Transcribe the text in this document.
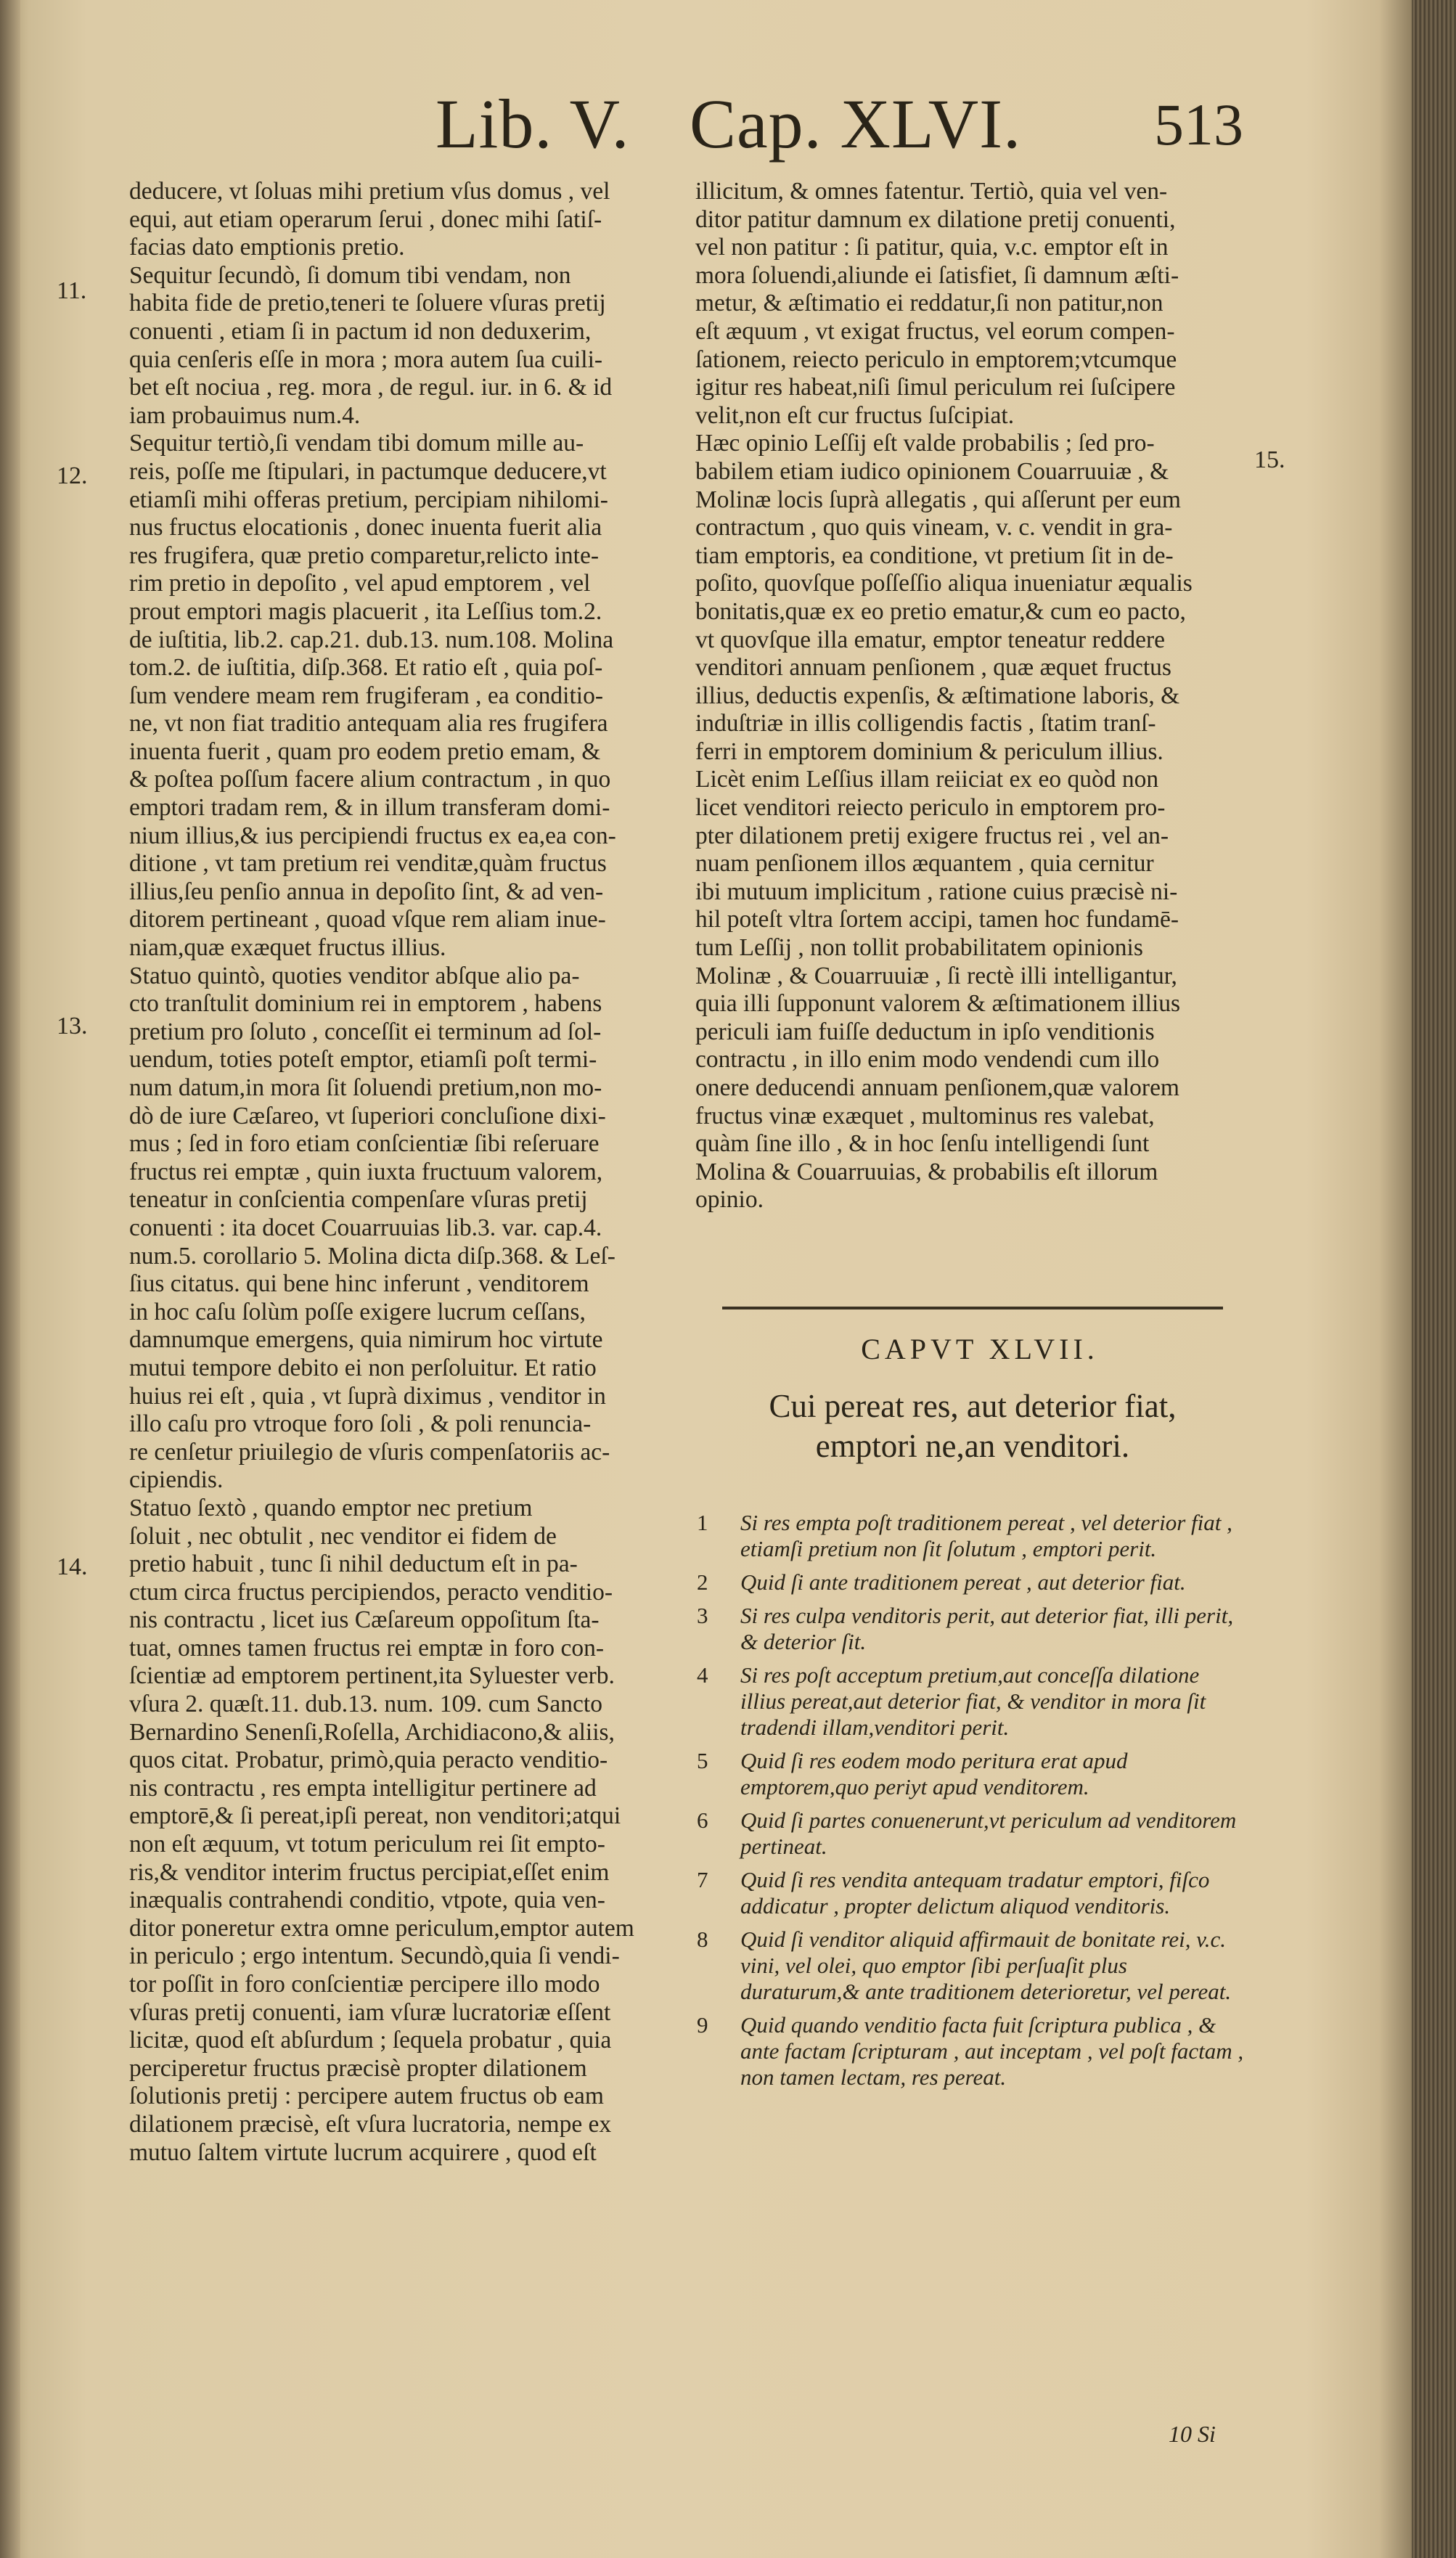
Lib. V. Cap. XLVI. 513
deducere, vt ſoluas mihi pretium vſus domus , vel
equi, aut etiam operarum ſerui , donec mihi ſatiſ-
facias dato emptionis pretio.
Sequitur ſecundò, ſi domum tibi vendam, non
habita fide de pretio,teneri te ſoluere vſuras pretij
conuenti , etiam ſi in pactum id non deduxerim,
quia cenſeris eſſe in mora ; mora autem ſua cuili-
bet eſt nociua , reg. mora , de regul. iur. in 6. & id
iam probauimus num.4.
Sequitur tertiò,ſi vendam tibi domum mille au-
reis, poſſe me ſtipulari, in pactumque deducere,vt
etiamſi mihi offeras pretium, percipiam nihilomi-
nus fructus elocationis , donec inuenta fuerit alia
res frugifera, quæ pretio comparetur,relicto inte-
rim pretio in depoſito , vel apud emptorem , vel
prout emptori magis placuerit , ita Leſſius tom.2.
de iuſtitia, lib.2. cap.21. dub.13. num.108. Molina
tom.2. de iuſtitia, diſp.368. Et ratio eſt , quia poſ-
ſum vendere meam rem frugiferam , ea conditio-
ne, vt non fiat traditio antequam alia res frugifera
inuenta fuerit , quam pro eodem pretio emam, &
& poſtea poſſum facere alium contractum , in quo
emptori tradam rem, & in illum transferam domi-
nium illius,& ius percipiendi fructus ex ea,ea con-
ditione , vt tam pretium rei venditæ,quàm fructus
illius,ſeu penſio annua in depoſito ſint, & ad ven-
ditorem pertineant , quoad vſque rem aliam inue-
niam,quæ exæquet fructus illius.
Statuo quintò, quoties venditor abſque alio pa-
cto tranſtulit dominium rei in emptorem , habens
pretium pro ſoluto , conceſſit ei terminum ad ſol-
uendum, toties poteſt emptor, etiamſi poſt termi-
num datum,in mora ſit ſoluendi pretium,non mo-
dò de iure Cæſareo, vt ſuperiori concluſione dixi-
mus ; ſed in foro etiam conſcientiæ ſibi reſeruare
fructus rei emptæ , quin iuxta fructuum valorem,
teneatur in conſcientia compenſare vſuras pretij
conuenti : ita docet Couarruuias lib.3. var. cap.4.
num.5. corollario 5. Molina dicta diſp.368. & Leſ-
ſius citatus. qui bene hinc inferunt , venditorem
in hoc caſu ſolùm poſſe exigere lucrum ceſſans,
damnumque emergens, quia nimirum hoc virtute
mutui tempore debito ei non perſoluitur. Et ratio
huius rei eſt , quia , vt ſuprà diximus , venditor in
illo caſu pro vtroque foro ſoli , & poli renuncia-
re cenſetur priuilegio de vſuris compenſatoriis ac-
cipiendis.
Statuo ſextò , quando emptor nec pretium
ſoluit , nec obtulit , nec venditor ei fidem de
pretio habuit , tunc ſi nihil deductum eſt in pa-
ctum circa fructus percipiendos, peracto venditio-
nis contractu , licet ius Cæſareum oppoſitum ſta-
tuat, omnes tamen fructus rei emptæ in foro con-
ſcientiæ ad emptorem pertinent,ita Syluester verb.
vſura 2. quæſt.11. dub.13. num. 109. cum Sancto
Bernardino Senenſi,Roſella, Archidiacono,& aliis,
quos citat. Probatur, primò,quia peracto venditio-
nis contractu , res empta intelligitur pertinere ad
emptorē,& ſi pereat,ipſi pereat, non venditori;atqui
non eſt æquum, vt totum periculum rei ſit empto-
ris,& venditor interim fructus percipiat,eſſet enim
inæqualis contrahendi conditio, vtpote, quia ven-
ditor poneretur extra omne periculum,emptor autem
in periculo ; ergo intentum. Secundò,quia ſi vendi-
tor poſſit in foro conſcientiæ percipere illo modo
vſuras pretij conuenti, iam vſuræ lucratoriæ eſſent
licitæ, quod eſt abſurdum ; ſequela probatur , quia
perciperetur fructus præcisè propter dilationem
ſolutionis pretij : percipere autem fructus ob eam
dilationem præcisè, eſt vſura lucratoria, nempe ex
mutuo ſaltem virtute lucrum acquirere , quod eſt
illicitum, & omnes fatentur. Tertiò, quia vel ven-
ditor patitur damnum ex dilatione pretij conuenti,
vel non patitur : ſi patitur, quia, v.c. emptor eſt in
mora ſoluendi,aliunde ei ſatisfiet, ſi damnum æſti-
metur, & æſtimatio ei reddatur,ſi non patitur,non
eſt æquum , vt exigat fructus, vel eorum compen-
ſationem, reiecto periculo in emptorem;vtcumque
igitur res habeat,niſi ſimul periculum rei ſuſcipere
velit,non eſt cur fructus ſuſcipiat.
Hæc opinio Leſſij eſt valde probabilis ; ſed pro-
babilem etiam iudico opinionem Couarruuiæ , &
Molinæ locis ſuprà allegatis , qui aſſerunt per eum
contractum , quo quis vineam, v. c. vendit in gra-
tiam emptoris, ea conditione, vt pretium ſit in de-
poſito, quovſque poſſeſſio aliqua inueniatur æqualis
bonitatis,quæ ex eo pretio ematur,& cum eo pacto,
vt quovſque illa ematur, emptor teneatur reddere
venditori annuam penſionem , quæ æquet fructus
illius, deductis expenſis, & æſtimatione laboris, &
induſtriæ in illis colligendis factis , ſtatim tranſ-
ferri in emptorem dominium & periculum illius.
Licèt enim Leſſius illam reiiciat ex eo quòd non
licet venditori reiecto periculo in emptorem pro-
pter dilationem pretij exigere fructus rei , vel an-
nuam penſionem illos æquantem , quia cernitur
ibi mutuum implicitum , ratione cuius præcisè ni-
hil poteſt vltra ſortem accipi, tamen hoc fundamē-
tum Leſſij , non tollit probabilitatem opinionis
Molinæ , & Couarruuiæ , ſi rectè illi intelligantur,
quia illi ſupponunt valorem & æſtimationem illius
periculi iam fuiſſe deductum in ipſo venditionis
contractu , in illo enim modo vendendi cum illo
onere deducendi annuam penſionem,quæ valorem
fructus vinæ exæquet , multominus res valebat,
quàm ſine illo , & in hoc ſenſu intelligendi ſunt
Molina & Couarruuias, & probabilis eſt illorum
opinio.
11.
12.
13.
14.
15.
CAPVT XLVII.
Cui pereat res, aut deterior fiat,
emptori ne,an venditori.
1 Si res empta poſt traditionem pereat , vel deterior fiat , etiamſi pretium non ſit ſolutum , emptori perit.
2 Quid ſi ante traditionem pereat , aut deterior fiat.
3 Si res culpa venditoris perit, aut deterior fiat, illi perit, & deterior ſit.
4 Si res poſt acceptum pretium,aut conceſſa dilatione illius pereat,aut deterior fiat, & venditor in mora ſit tradendi illam,venditori perit.
5 Quid ſi res eodem modo peritura erat apud emptorem,quo periyt apud venditorem.
6 Quid ſi partes conuenerunt,vt periculum ad venditorem pertineat.
7 Quid ſi res vendita antequam tradatur emptori, fiſco addicatur , propter delictum aliquod venditoris.
8 Quid ſi venditor aliquid affirmauit de bonitate rei, v.c. vini, vel olei, quo emptor ſibi perſuaſit plus duraturum,& ante traditionem deterioretur, vel pereat.
9 Quid quando venditio facta fuit ſcriptura publica , & ante factam ſcripturam , aut inceptam , vel poſt factam , non tamen lectam, res pereat.
10 Si
